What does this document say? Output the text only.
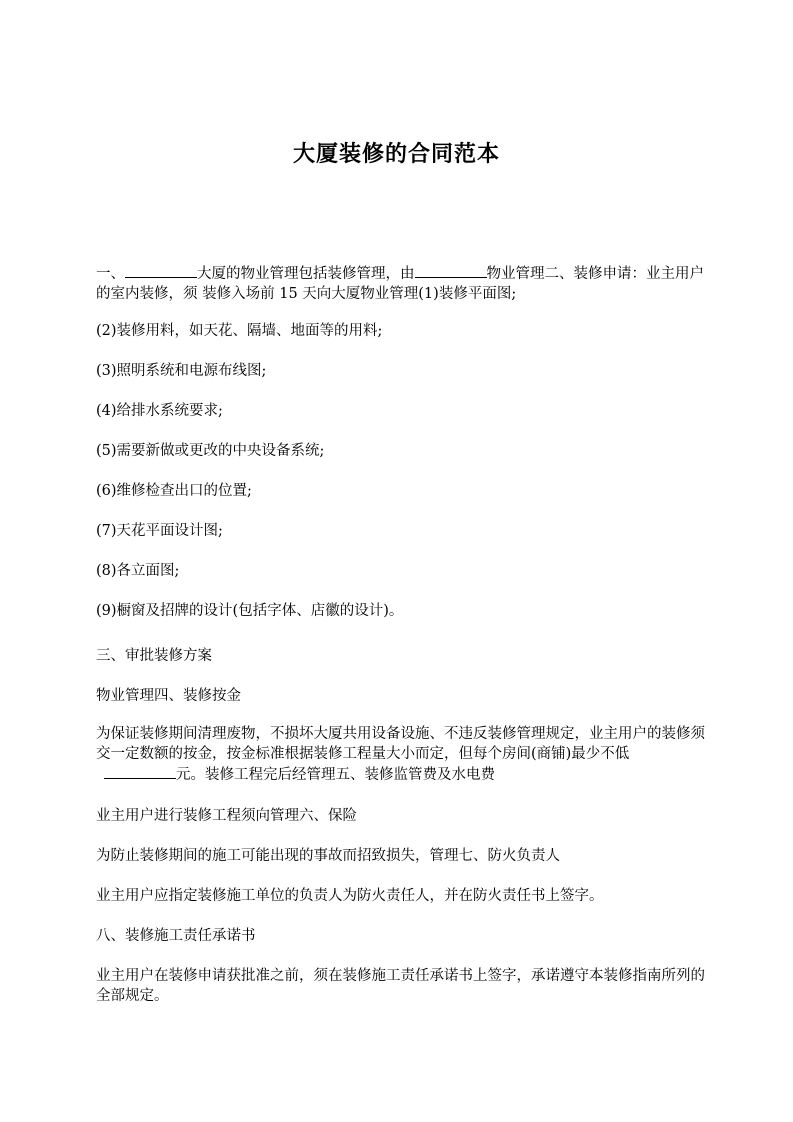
大厦装修的合同范本
一、	大厦的物业管理包括装修管理，由	物业管理二、装修申请：业主用户的室内装修，须 装修入场前 15 天向大厦物业管理(1)装修平面图;
(2)装修用料，如天花、隔墙、地面等的用料;
(3)照明系统和电源布线图;
(4)给排水系统要求;
(5)需要新做或更改的中央设备系统;
(6)维修检查出口的位置;
(7)天花平面设计图;
(8)各立面图;
(9)橱窗及招牌的设计(包括字体、店徽的设计)。
三、审批装修方案
物业管理四、装修按金
为保证装修期间清理废物，不损坏大厦共用设备设施、不违反装修管理规定，业主用户的装修须交一定数额的按金，按金标准根据装修工程量大小而定，但每个房间(商铺)最少不低元。装修工程完后经管理五、装修监管费及水电费
业主用户进行装修工程须向管理六、保险
为防止装修期间的施工可能出现的事故而招致损失，管理七、防火负责人
业主用户应指定装修施工单位的负责人为防火责任人，并在防火责任书上签字。
八、装修施工责任承诺书
业主用户在装修申请获批准之前，须在装修施工责任承诺书上签字，承诺遵守本装修指南所列的全部规定。
